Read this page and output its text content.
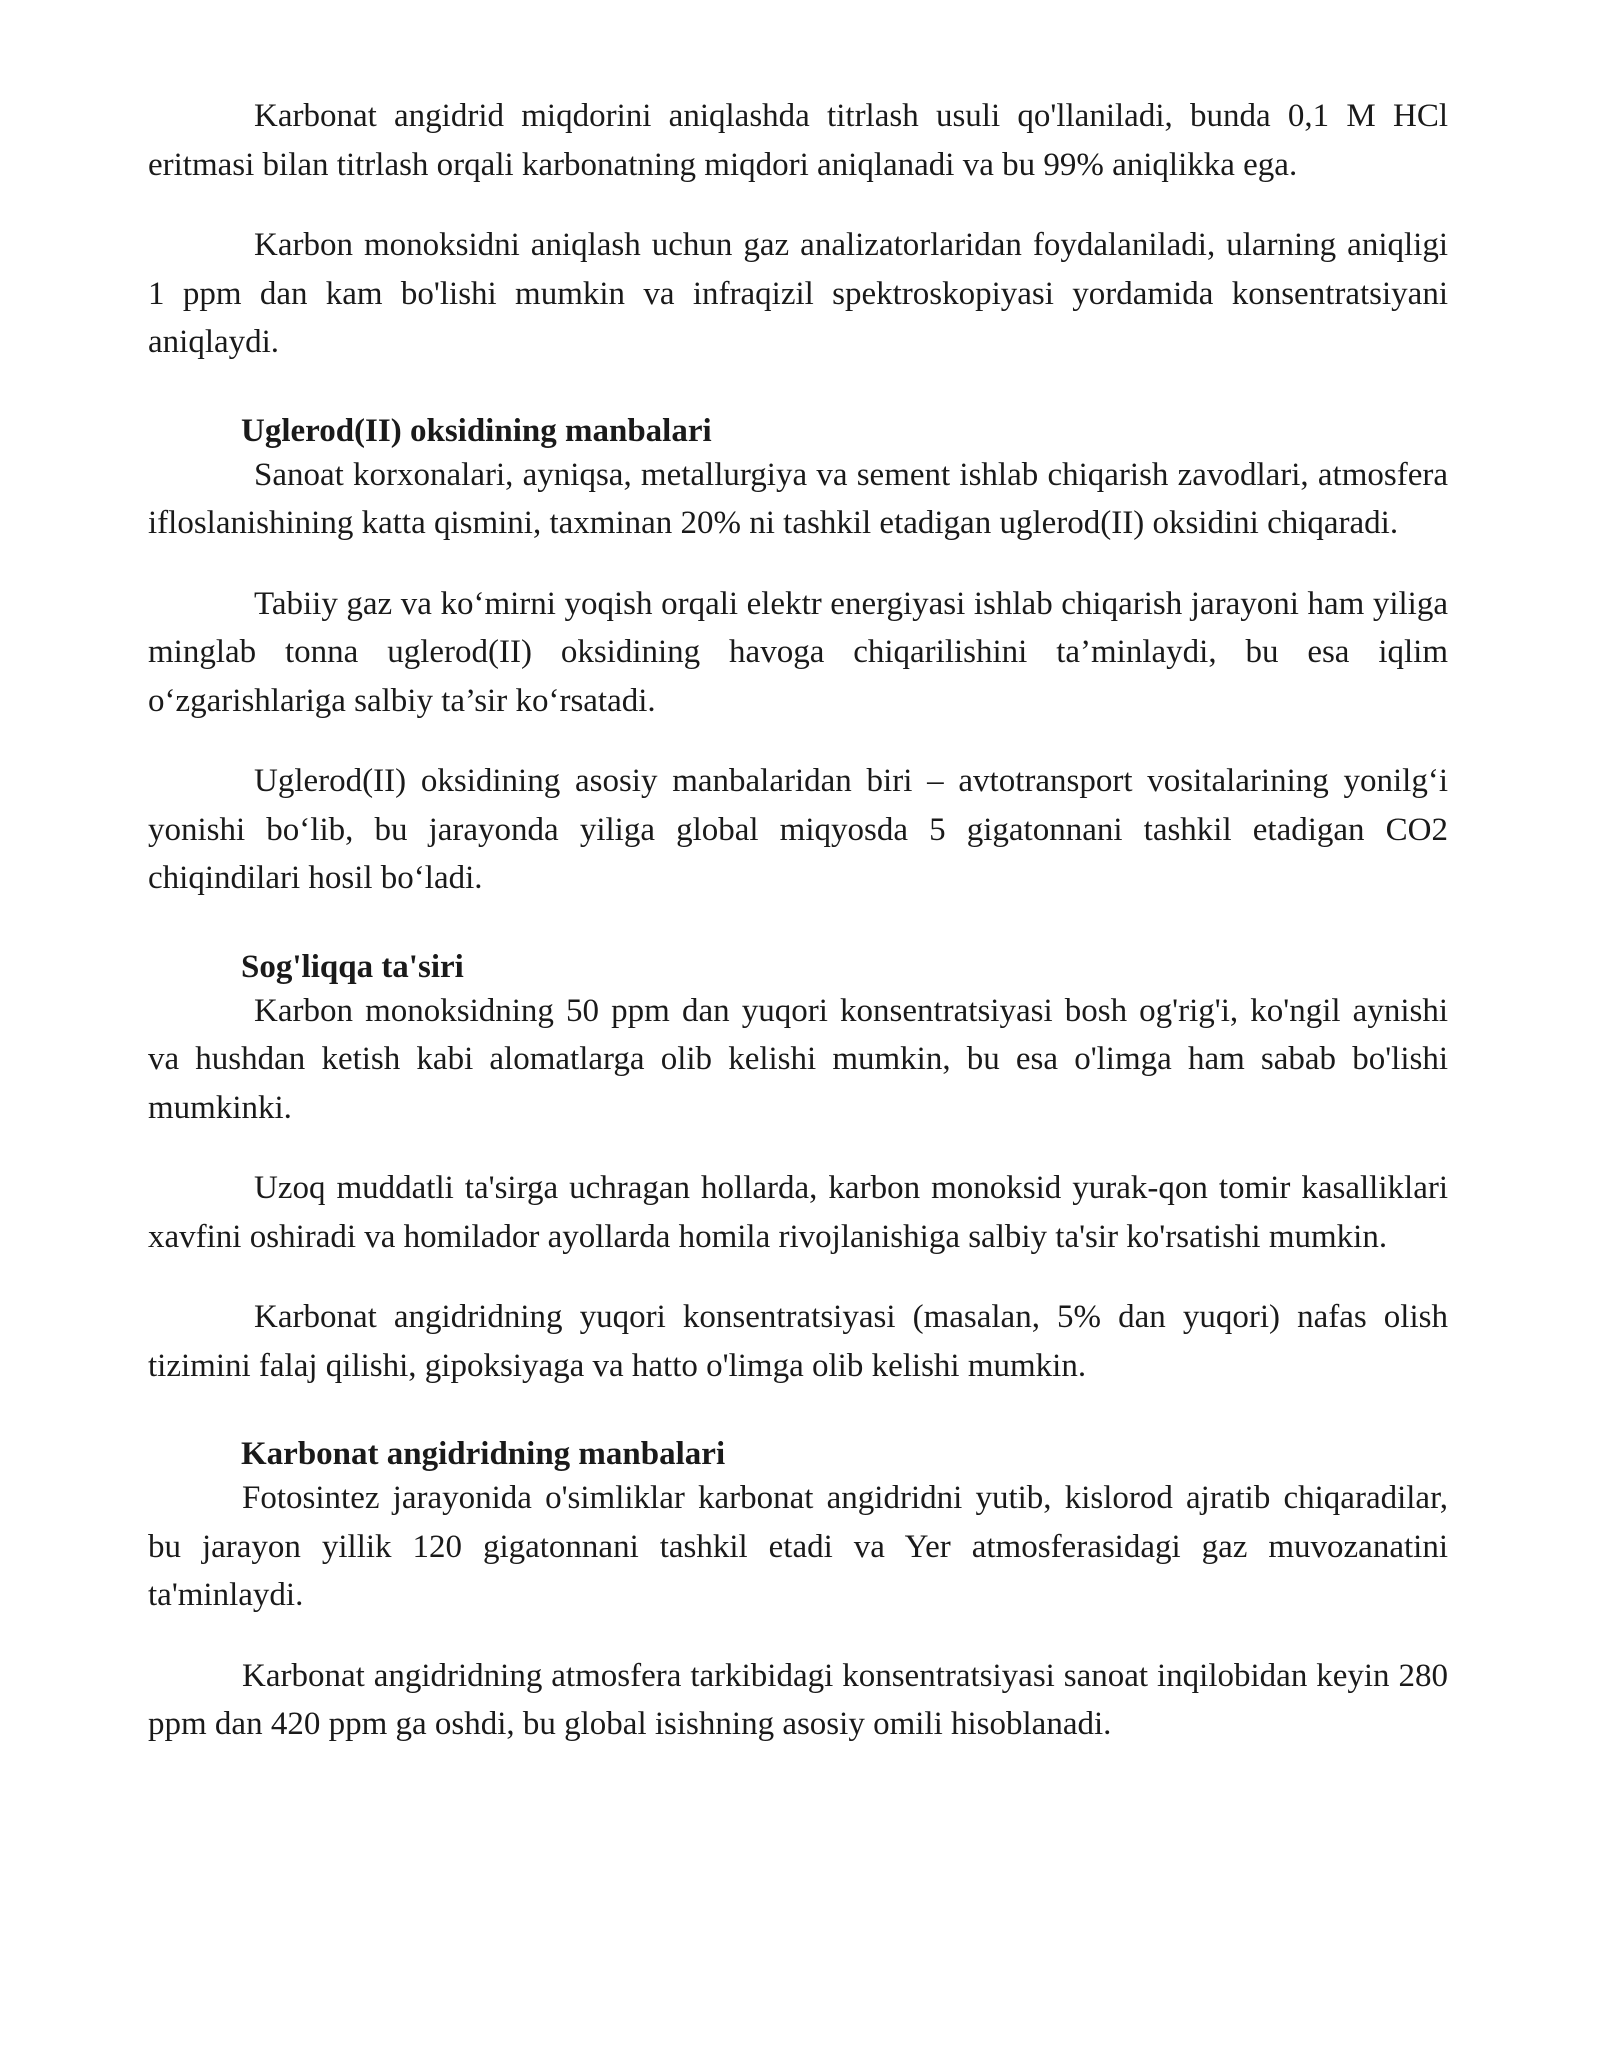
Karbonat angidrid miqdorini aniqlashda titrlash usuli qo'llaniladi, bunda 0,1 M HCl eritmasi bilan titrlash orqali karbonatning miqdori aniqlanadi va bu 99% aniqlikka ega.

Karbon monoksidni aniqlash uchun gaz analizatorlaridan foydalaniladi, ularning aniqligi 1 ppm dan kam bo'lishi mumkin va infraqizil spektroskopiyasi yordamida konsentratsiyani aniqlaydi.

Uglerod(II) oksidining manbalari

Sanoat korxonalari, ayniqsa, metallurgiya va sement ishlab chiqarish zavodlari, atmosfera ifloslanishining katta qismini, taxminan 20% ni tashkil etadigan uglerod(II) oksidini chiqaradi.

Tabiiy gaz va ko‘mirni yoqish orqali elektr energiyasi ishlab chiqarish jarayoni ham yiliga minglab tonna uglerod(II) oksidining havoga chiqarilishini ta’minlaydi, bu esa iqlim o‘zgarishlariga salbiy ta’sir ko‘rsatadi.

Uglerod(II) oksidining asosiy manbalaridan biri – avtotransport vositalarining yonilg‘i yonishi bo‘lib, bu jarayonda yiliga global miqyosda 5 gigatonnani tashkil etadigan CO2 chiqindilari hosil bo‘ladi.

Sog'liqqa ta'siri

Karbon monoksidning 50 ppm dan yuqori konsentratsiyasi bosh og'rig'i, ko'ngil aynishi va hushdan ketish kabi alomatlarga olib kelishi mumkin, bu esa o'limga ham sabab bo'lishi mumkinki.

Uzoq muddatli ta'sirga uchragan hollarda, karbon monoksid yurak-qon tomir kasalliklari xavfini oshiradi va homilador ayollarda homila rivojlanishiga salbiy ta'sir ko'rsatishi mumkin.

Karbonat angidridning yuqori konsentratsiyasi (masalan, 5% dan yuqori) nafas olish tizimini falaj qilishi, gipoksiyaga va hatto o'limga olib kelishi mumkin.

Karbonat angidridning manbalari

Fotosintez jarayonida o'simliklar karbonat angidridni yutib, kislorod ajratib chiqaradilar, bu jarayon yillik 120 gigatonnani tashkil etadi va Yer atmosferasidagi gaz muvozanatini ta'minlaydi.

Karbonat angidridning atmosfera tarkibidagi konsentratsiyasi sanoat inqilobidan keyin 280 ppm dan 420 ppm ga oshdi, bu global isishning asosiy omili hisoblanadi.
